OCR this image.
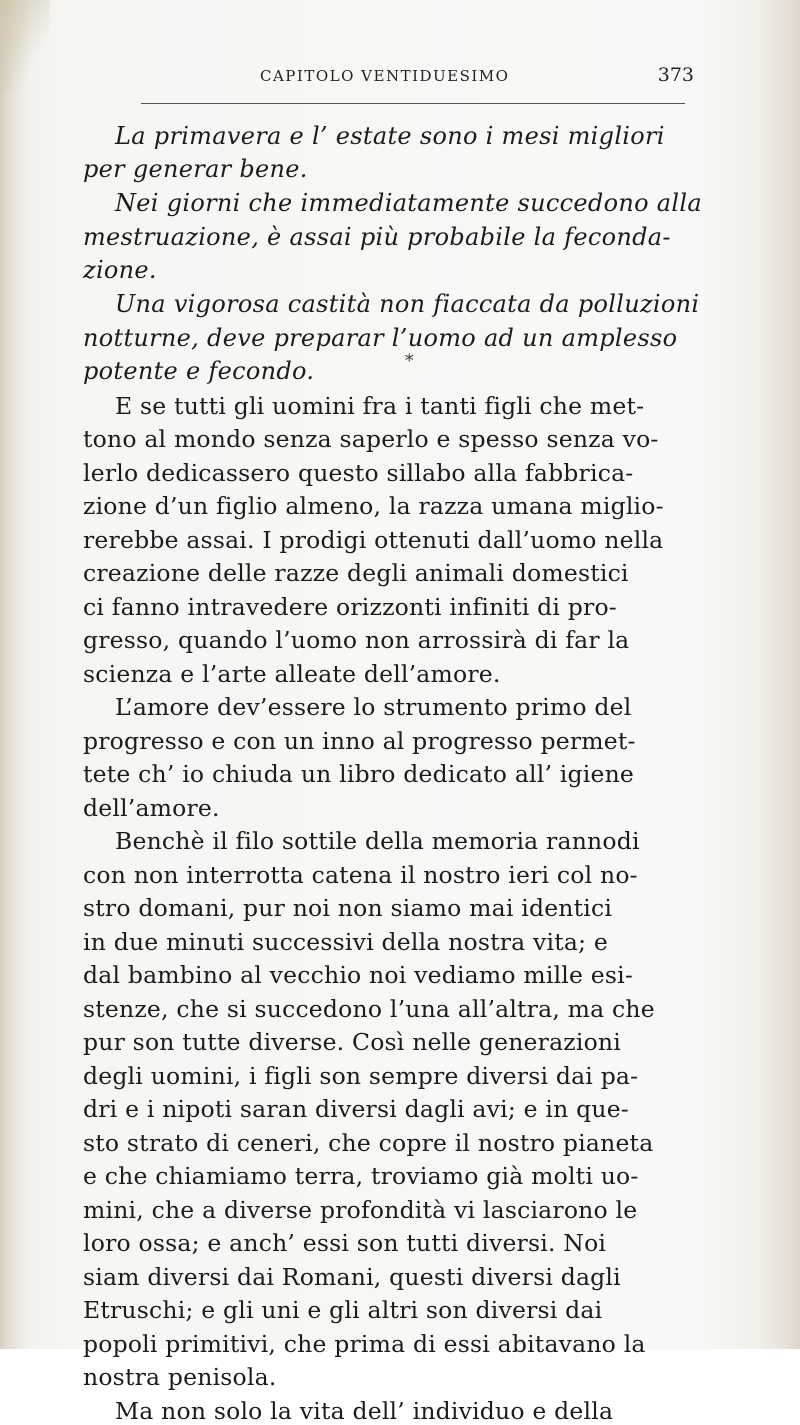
CAPITOLO VENTIDUESIMO	373
La primavera e l’ estate sono i mesi migliori
per generar bene.
Nei giorni che immediatamente succedono alla
mestruazione, è assai più probabile la feconda-
zione.
Una vigorosa castità non fiaccata da polluzioni
notturne, deve preparar l’uomo ad un amplesso
potente e fecondo.	*
E se tutti gli uomini fra i tanti figli che met-
tono al mondo senza saperlo e spesso senza vo-
lerlo dedicassero questo sillabo alla fabbrica-
zione d’un figlio almeno, la razza umana miglio-
rerebbe assai. I prodigi ottenuti dall’uomo nella
creazione delle razze degli animali domestici
ci fanno intravedere orizzonti infiniti di pro-
gresso, quando l’uomo non arrossirà di far la
scienza e l’arte alleate dell’amore.
L’amore dev’essere lo strumento primo del
progresso e con un inno al progresso permet-
tete ch’ io chiuda un libro dedicato all’ igiene
dell’amore.
Benchè il filo sottile della memoria rannodi
con non interrotta catena il nostro ieri col no-
stro domani, pur noi non siamo mai identici
in due minuti successivi della nostra vita; e
dal bambino al vecchio noi vediamo mille esi-
stenze, che si succedono l’una all’altra, ma che
pur son tutte diverse. Così nelle generazioni
degli uomini, i figli son sempre diversi dai pa-
dri e i nipoti saran diversi dagli avi; e in que-
sto strato di ceneri, che copre il nostro pianeta
e che chiamiamo terra, troviamo già molti uo-
mini, che a diverse profondità vi lasciarono le
loro ossa; e anch’ essi son tutti diversi. Noi
siam diversi dai Romani, questi diversi dagli
Etruschi; e gli uni e gli altri son diversi dai
popoli primitivi, che prima di essi abitavano la
nostra penisola.
Ma non solo la vita dell’ individuo e della
